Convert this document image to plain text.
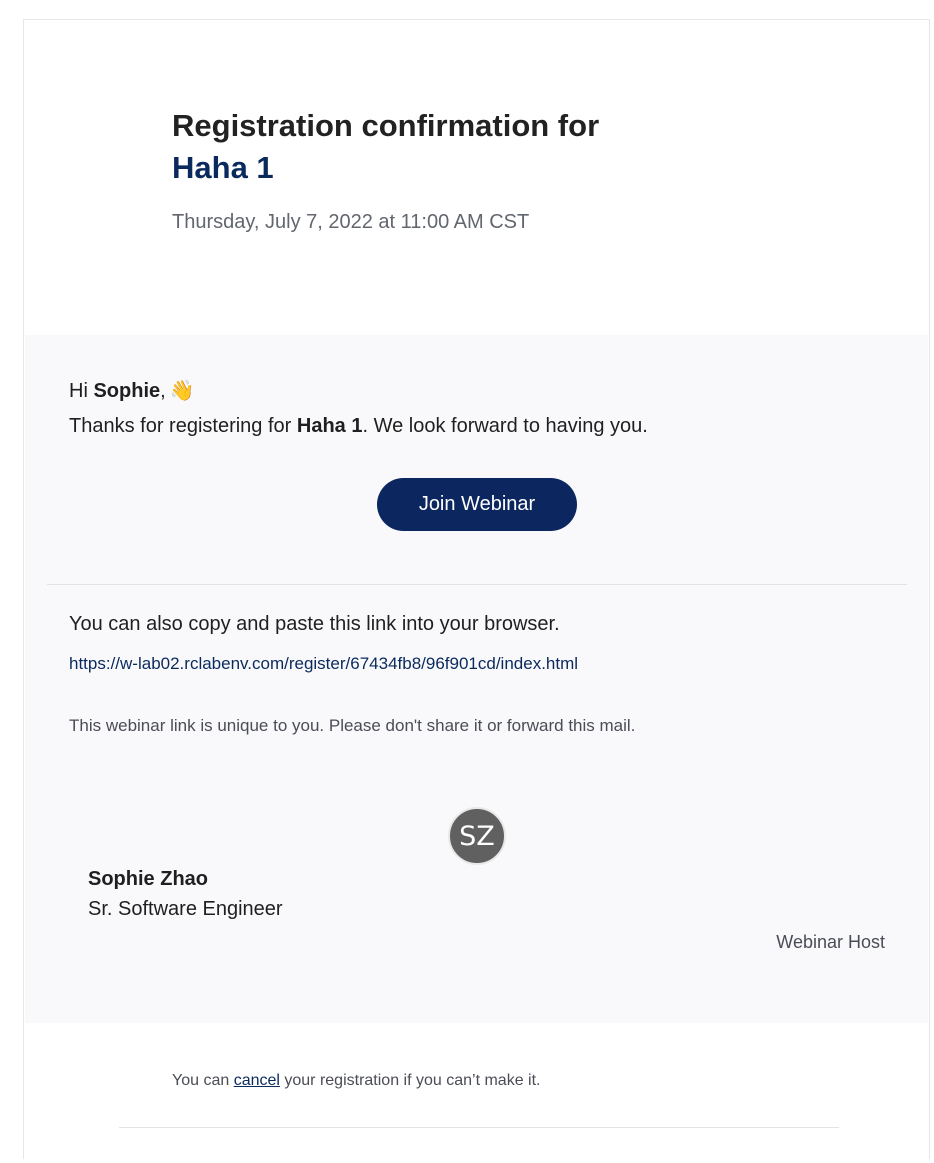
Registration confirmation for
Haha 1
Thursday, July 7, 2022 at 11:00 AM CST
Hi Sophie, 👋
Thanks for registering for Haha 1. We look forward to having you.
Join Webinar
You can also copy and paste this link into your browser.
https://w-lab02.rclabenv.com/register/67434fb8/96f901cd/index.html
This webinar link is unique to you. Please don't share it or forward this mail.
SZ
Sophie Zhao
Sr. Software Engineer
Webinar Host
You can cancel your registration if you can’t make it.
